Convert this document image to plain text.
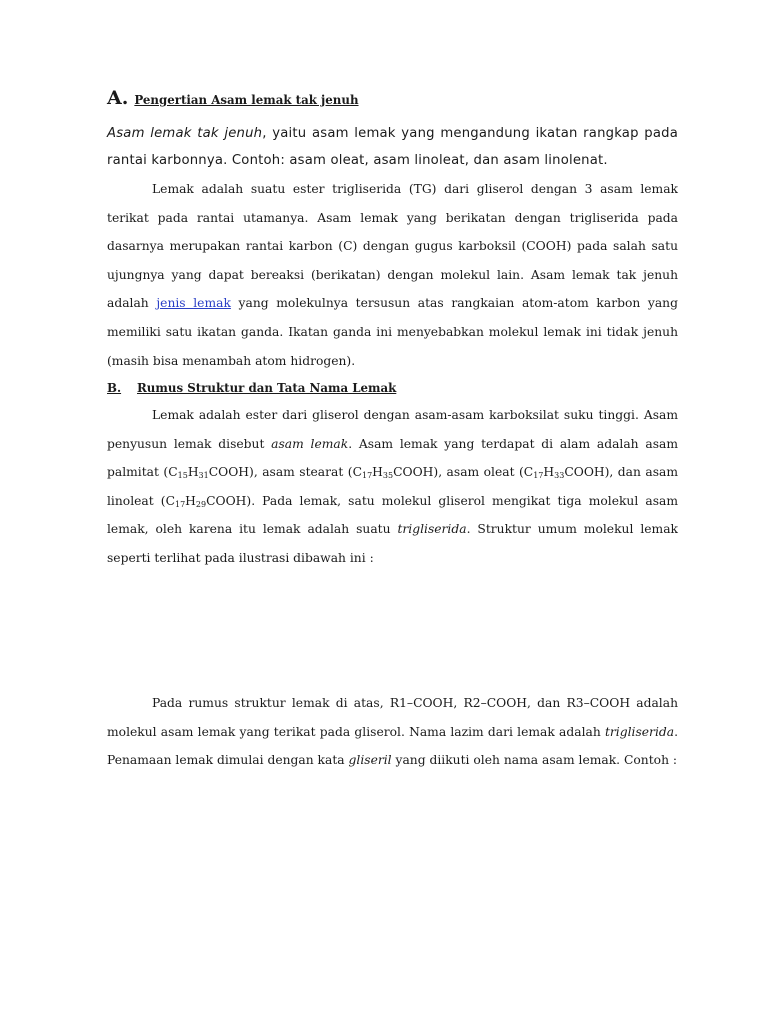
A. Pengertian Asam lemak tak jenuh

Asam lemak tak jenuh, yaitu asam lemak yang mengandung ikatan rangkap pada rantai karbonnya. Contoh: asam oleat, asam linoleat, dan asam linolenat.

Lemak adalah suatu ester trigliserida (TG) dari gliserol dengan 3 asam lemak terikat pada rantai utamanya. Asam lemak yang berikatan dengan trigliserida pada dasarnya merupakan rantai karbon (C) dengan gugus karboksil (COOH) pada salah satu ujungnya yang dapat bereaksi (berikatan) dengan molekul lain. Asam lemak tak jenuh adalah jenis lemak yang molekulnya tersusun atas rangkaian atom-atom karbon yang memiliki satu ikatan ganda. Ikatan ganda ini menyebabkan molekul lemak ini tidak jenuh (masih bisa menambah atom hidrogen).

B. Rumus Struktur dan Tata Nama Lemak

Lemak adalah ester dari gliserol dengan asam-asam karboksilat suku tinggi. Asam penyusun lemak disebut asam lemak. Asam lemak yang terdapat di alam adalah asam palmitat $(C_{15}H_{31}COOH)$, asam stearat $(C_{17}H_{35}COOH)$, asam oleat $(C_{17}H_{33}COOH)$, dan asam linoleat $(C_{17}H_{29}COOH)$. Pada lemak, satu molekul gliserol mengikat tiga molekul asam lemak, oleh karena itu lemak adalah suatu trigliserida. Struktur umum molekul lemak seperti terlihat pada ilustrasi dibawah ini :

Pada rumus struktur lemak di atas, R1–COOH, R2–COOH, dan R3–COOH adalah molekul asam lemak yang terikat pada gliserol. Nama lazim dari lemak adalah trigliserida. Penamaan lemak dimulai dengan kata gliseril yang diikuti oleh nama asam lemak. Contoh :
